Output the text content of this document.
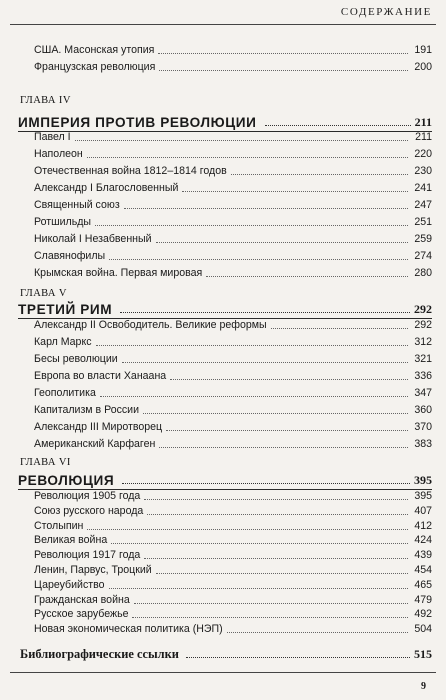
СОДЕРЖАНИЕ
США. Масонская утопия	191
Французская революция	200
ГЛАВА IV
ИМПЕРИЯ ПРОТИВ РЕВОЛЮЦИИ	211
Павел I	211
Наполеон	220
Отечественная война 1812–1814 годов	230
Александр I Благословенный	241
Священный союз	247
Ротшильды	251
Николай I Незабвенный	259
Славянофилы	274
Крымская война. Первая мировая	280
ГЛАВА V
ТРЕТИЙ РИМ	292
Александр II Освободитель. Великие реформы	292
Карл Маркс	312
Бесы революции	321
Европа во власти Ханаана	336
Геополитика	347
Капитализм в России	360
Александр III Миротворец	370
Американский Карфаген	383
ГЛАВА VI
РЕВОЛЮЦИЯ	395
Революция 1905 года	395
Союз русского народа	407
Столыпин	412
Великая война	424
Революция 1917 года	439
Ленин, Парвус, Троцкий	454
Цареубийство	465
Гражданская война	479
Русское зарубежье	492
Новая экономическая политика (НЭП)	504
9
Библиографические ссылки	515
